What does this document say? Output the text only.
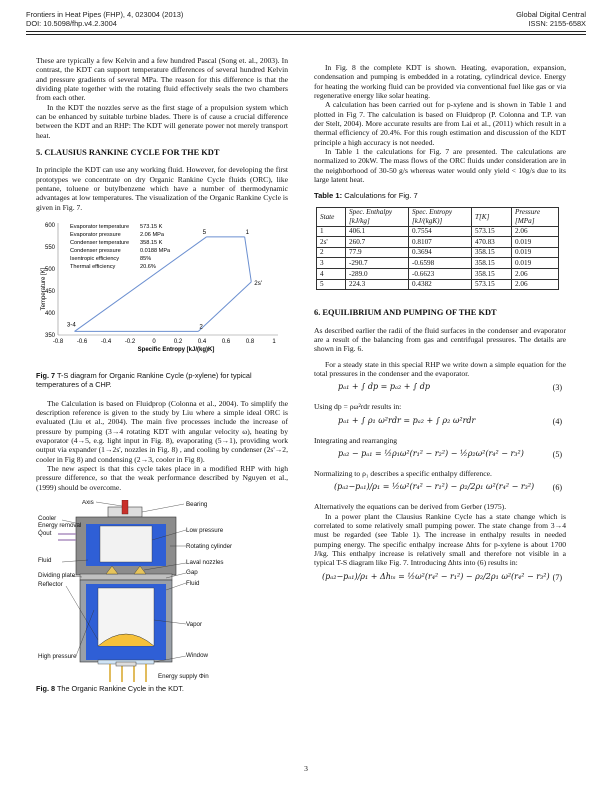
Frontiers in Heat Pipes (FHP), 4, 023004 (2013)
DOI: 10.5098/fhp.v4.2.3004
Global Digital Central
ISSN: 2155-658X

These are typically a few Kelvin and a few hundred Pascal (Song et. al., 2003). In contrast, the KDT can support temperature differences of several hundred Kelvin and pressure gradients of several MPa. The reason for this difference is that the dividing plate together with the rotating fluid effectively seals the two chambers from each other.

In the KDT the nozzles serve as the first stage of a propulsion system which can be enhanced by suitable turbine blades. There is of cause a crucial difference between the KDT and an RHP: The KDT will generate power not merely transport heat.

5. CLAUSIUS RANKINE CYCLE FOR THE KDT

In principle the KDT can use any working fluid. However, for developing the first prototypes we concentrate on dry Organic Rankine Cycle fluids (ORC), like pentane, toluene or butylbenzene which have a number of thermodynamic advantages at low temperatures. The visualization of the Organic Rankine Cycle is given in Fig. 7.

Temperature [K]
600
550
500
450
400
350
-0.8 -0.6 -0.4 -0.2	0	0.2	0.4	0.6	0.8	1
Specific Entropy [kJ/(kg)K]
Evaporator temperature 573.15 K
Evaporator pressure	2.06 MPa
Condenser temperature 358.15 K
Condenser pressure	0.0188 MPa
Isentropic efficiency	85%
Thermal efficiency	20.6%
5	1
2s'
2
3-4

Fig. 7 T-S diagram for Organic Rankine Cycle (p-xylene) for typical temperatures of a CHP.

The Calculation is based on Fluidprop (Colonna et al., 2004). To simplify the description reference is given to the study by Liu where a simple ideal ORC is evaluated (Liu et al., 2004). The main five processes include the increase of pressure by pumping (3→4 rotating KDT with angular velocity ω), heating by evaporator (4→5, e.g. light input in Fig. 8), evaporating (5→1), providing work output via expander (1→2s', nozzles in Fig. 8) , and cooling by condenser (2s'→2, cooler in Fig 8) and condensing (2→3, cooler in Fig 8).

The new aspect is that this cycle takes place in a modified RHP with high pressure difference, so that the weak performance described by Nguyen et al., (1999) should be overcome.

Axis	Bearing
Cooler
Energy removal
Q̇out
Fluid
Dividing plate
Reflector
High pressure
Low pressure
Rotating cylinder
Laval nozzles
Gap
Fluid
Vapor
Window
Energy supply Φin

Fig. 8 The Organic Rankine Cycle in the KDT.

In Fig. 8 the complete KDT is shown. Heating, evaporation, expansion, condensation and pumping is embedded in a rotating, cylindrical device. Energy for heating the working fluid can be provided via conventional fuel like gas or via regenerative energy like solar heating.

A calculation has been carried out for p-xylene and is shown in Table 1 and plotted in Fig 7. The calculation is based on Fluidprop (P. Colonna and T.P. van der Stelt, 2004). More accurate results are from Lai et al., (2011) which result in a thermal efficiency of 20.4%. For this rough estimation and discussion of the KDT principle a high accuracy is not needed.

In Table 1 the calculations for Fig. 7 are presented. The calculations are normalized to 20kW. The mass flows of the ORC fluids under consideration are in the neighborhood of 30-50 g/s whereas water would only yield < 10g/s due to its large latent heat.

Table 1: Calculations for Fig. 7
State	Spec. Enthalpy [kJ/kg]	Spec. Entropy [kJ/(kgK)]	T[K]	Pressure [MPa]
1	406.1	0.7554	573.15	2.06
2s'	260.7	0.8107	470.83	0.019
2	77.9	0.3694	358.15	0.019
3	-290.7	-0.6598	358.15	0.019
4	-289.0	-0.6623	358.15	2.06
5	224.3	0.4382	573.15	2.06
6. EQUILIBRIUM AND PUMPING OF THE KDT

As described earlier the radii of the fluid surfaces in the condenser and evaporator are a result of the balancing from gas and centrifugal pressures. The details are shown in Fig. 6.

For a steady state in this special RHP we write down a simple equation for the total pressures in the condenser and the evaporator.

pₐ₁ + ∫ dp = pₐ₂ + ∫ dp	(3)

Using dp = ρω²rdr results in:

pₐ₁ + ∫ ρ₁ ω²rdr = pₐ₂ + ∫ ρ₂ ω²rdr	(4)

Integrating and rearranging

pₐ₂ − pₐ₁ = ½ρ₁ω²(r₁² − r₂²) − ½ρ₂ω²(r₄² − r₃²)	(5)

Normalizing to ρ₁ describes a specific enthalpy difference.

(pₐ₂−pₐ₁)/ρ₁ = ½ω²(r₄² − r₁²) − ρ₂/2ρ₁ ω²(r₄² − r₃²) (6)

Alternatively the equations can be derived from Gerber (1975).

In a power plant the Clausius Rankine Cycle has a state change which is correlated to some relatively small pumping power. The state change from 3→4 must be regarded (see Table 1). The increase in enthalpy results in needed pumping energy. The specific enthalpy increase Δhts for p-xylene is about 1700 J/kg. This enthalpy increase is relatively small and therefore not visible in a typical T-S diagram like Fig. 7. Introducing Δhts into (6) results in:

(pₐ₂−pₐ₁)/ρ₁ + Δhₜₛ = ½ω²(r₄² − r₁²) − ρ₂/2ρ₁ ω²(r₄² − r₃²) (7)
3
